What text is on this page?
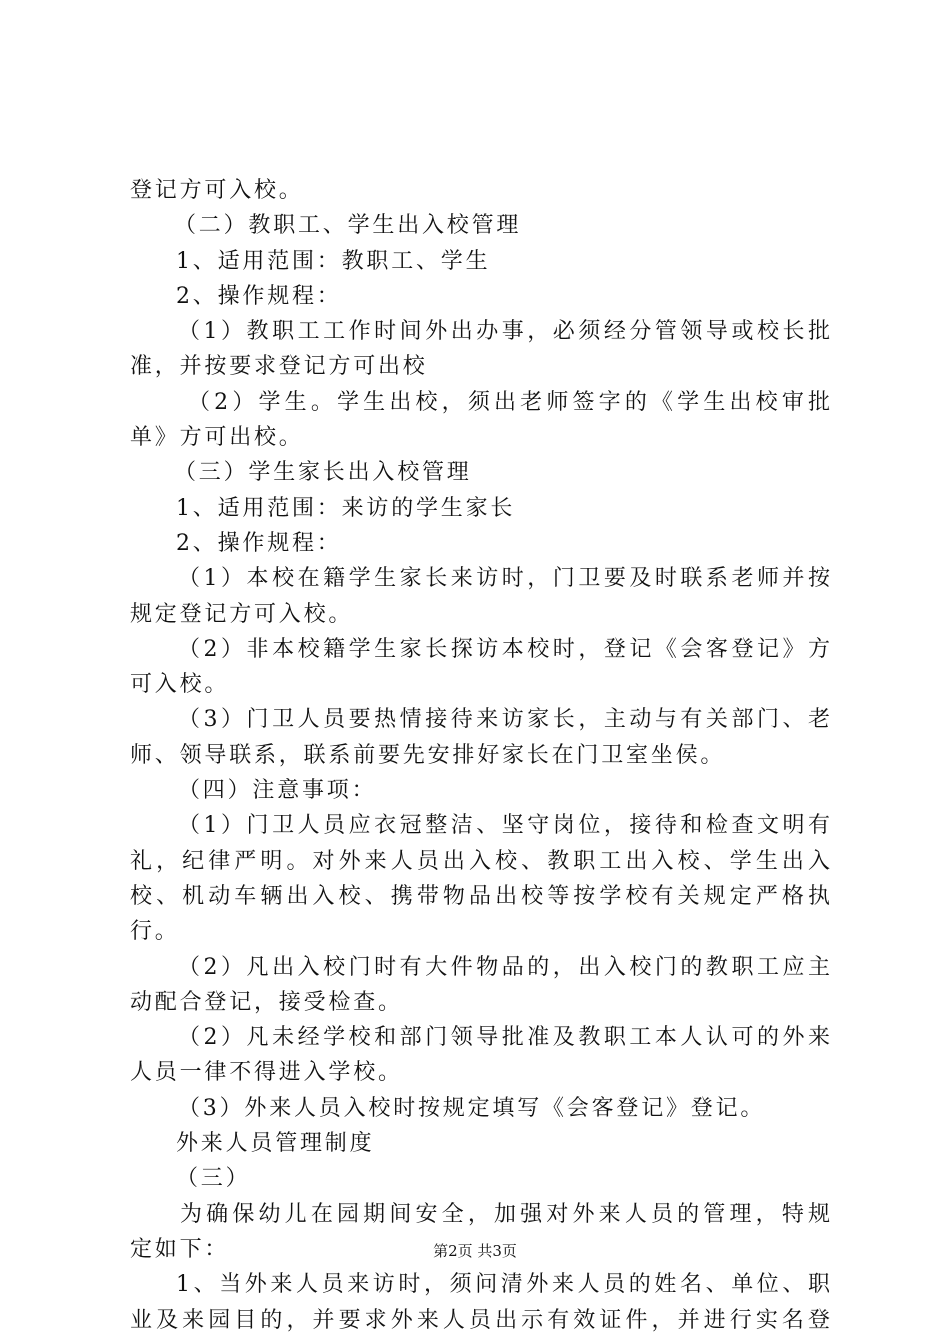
登记方可入校。
（二）教职工、学生出入校管理
1、适用范围：教职工、学生
2、操作规程：
（1）教职工工作时间外出办事，必须经分管领导或校长批
准，并按要求登记方可出校
（2）学生。学生出校，须出老师签字的《学生出校审批
单》方可出校。
（三）学生家长出入校管理
1、适用范围：来访的学生家长
2、操作规程：
（1）本校在籍学生家长来访时，门卫要及时联系老师并按
规定登记方可入校。
（2）非本校籍学生家长探访本校时，登记《会客登记》方
可入校。
（3）门卫人员要热情接待来访家长，主动与有关部门、老
师、领导联系，联系前要先安排好家长在门卫室坐侯。
（四）注意事项：
（1）门卫人员应衣冠整洁、坚守岗位，接待和检查文明有
礼，纪律严明。对外来人员出入校、教职工出入校、学生出入
校、机动车辆出入校、携带物品出校等按学校有关规定严格执
行。
（2）凡出入校门时有大件物品的，出入校门的教职工应主
动配合登记，接受检查。
（2）凡未经学校和部门领导批准及教职工本人认可的外来
人员一律不得进入学校。
（3）外来人员入校时按规定填写《会客登记》登记。
外来人员管理制度
（三）
为确保幼儿在园期间安全，加强对外来人员的管理，特规
定如下：
1、当外来人员来访时，须问清外来人员的姓名、单位、职
业及来园目的，并要求外来人员出示有效证件，并进行实名登
第2页 共3页
